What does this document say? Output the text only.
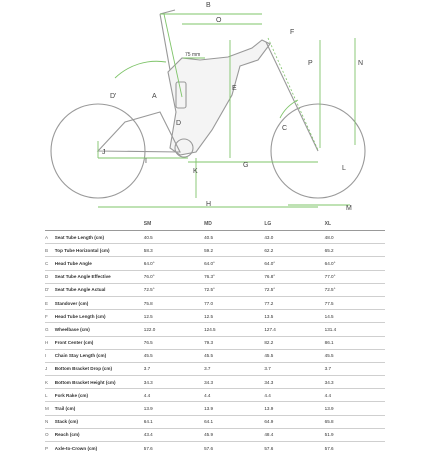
B
O
75 mm
A
D'
D
E
F
N
P
C
L
J
I
G
K
H
M
		SM	MD	LG	XL
A	Seat Tube Length (cm)	40.5	40.5	43.0	48.0
B	Top Tube Horizontal (cm)	58.3	59.2	62.2	65.2
C	Head Tube Angle	64.0°	64.0°	64.0°	64.0°
D	Seat Tube Angle Effective	76.0°	76.3°	76.8°	77.0°
D'	Seat Tube Angle Actual	72.5°	72.5°	72.5°	72.5°
E	Standover (cm)	75.8	77.0	77.2	77.5
F	Head Tube Length (cm)	12.5	12.5	13.5	14.5
G	Wheelbase (cm)	122.0	124.5	127.4	131.4
H	Front Center (cm)	76.5	79.3	82.2	86.1
I	Chain Stay Length (cm)	45.5	45.5	45.5	45.5
J	Bottom Bracket Drop (cm)	3.7	3.7	3.7	3.7
K	Bottom Bracket Height (cm)	34.3	34.3	34.3	34.3
L	Fork Rake (cm)	4.4	4.4	4.4	4.4
M	Trail (cm)	13.9	13.9	13.9	13.9
N	Stack (cm)	64.1	64.1	64.9	65.8
O	Reach (cm)	43.4	45.9	48.4	51.9
P	Axle-to-Crown (cm)	57.6	57.6	57.6	57.6
